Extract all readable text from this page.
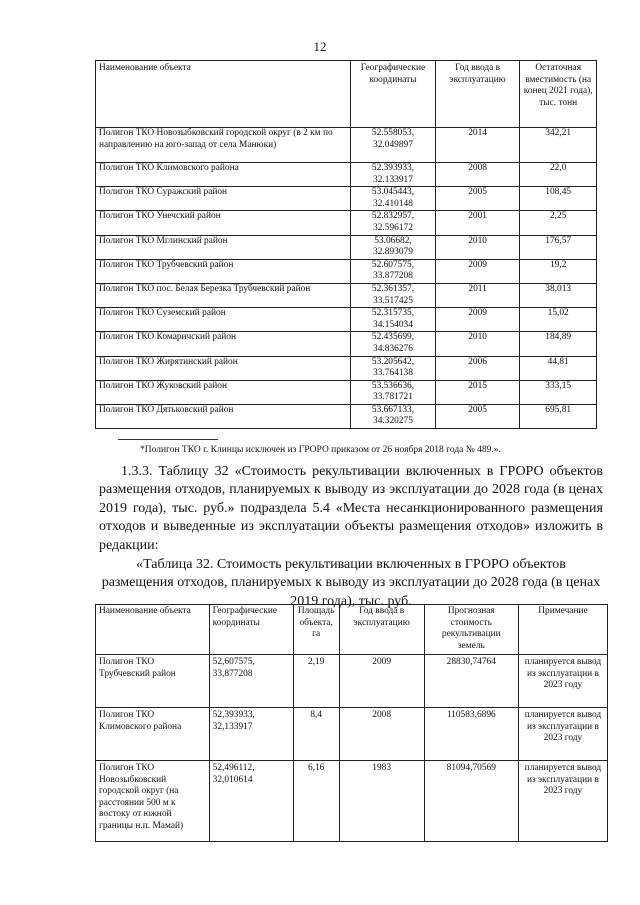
12
Наименование объекта	Географические координаты	Год ввода в эксплуатацию	Остаточная вместимость (на конец 2021 года), тыс. тонн
Полигон ТКО Новозыбковский городской округ (в 2 км по направлению на юго-запад от села Манюки)	52.558053, 32.049897	2014	342,21
Полигон ТКО Климовского района	52.393933, 32.133917	2008	22,0
Полигон ТКО Суражский район	53.045443, 32.410148	2005	108,45
Полигон ТКО Унечский район	52.832957, 32.596172	2001	2,25
Полигон ТКО Мглинский район	53.06682, 32.893079	2010	176,57
Полигон ТКО Трубчевский район	52.607575, 33.877208	2009	19,2
Полигон ТКО пос. Белая Березка Трубчевский район	52.361357, 33.517425	2011	38,013
Полигон ТКО Суземский район	52.315735, 34.154034	2009	15,02
Полигон ТКО Комаричский район	52.435699, 34.836276	2010	184,89
Полигон ТКО Жирятинский район	53.205642, 33.764138	2006	44,81
Полигон ТКО Жуковский район	53.536636, 33.781721	2015	333,15
Полигон ТКО Дятьковский район	53.667133, 34.320275	2005	695,81
*Полигон ТКО г. Клинцы исключен из ГРОРО приказом от 26 ноября 2018 года № 489.».

1.3.3. Таблицу 32 «Стоимость рекультивации включенных в ГРОРО объектов размещения отходов, планируемых к выводу из эксплуатации до 2028 года (в ценах 2019 года), тыс. руб.» подраздела 5.4 «Места несанкционированного размещения отходов и выведенные из эксплуатации объекты размещения отходов» изложить в редакции:

«Таблица 32. Стоимость рекультивации включенных в ГРОРО объектов размещения отходов, планируемых к выводу из эксплуатации до 2028 года (в ценах 2019 года), тыс. руб.
Наименование объекта	Географические координаты	Площадь объекта, га	Год ввода в эксплуатацию	Прогнозная стоимость рекультивации земель	Примечание
Полигон ТКО Трубчевский район	52,607575, 33,877208	2,19	2009	28830,74764	планируется вывод из эксплуатации в 2023 году
Полигон ТКО Климовского района	52,393933, 32,133917	8,4	2008	110583,6896	планируется вывод из эксплуатации в 2023 году
Полигон ТКО Новозыбковский городской округ (на расстоянии 500 м к востоку от южной границы н.п. Мамай)	52,496112, 32,010614	6,16	1983	81094,70569	планируется вывод из эксплуатации в 2023 году
